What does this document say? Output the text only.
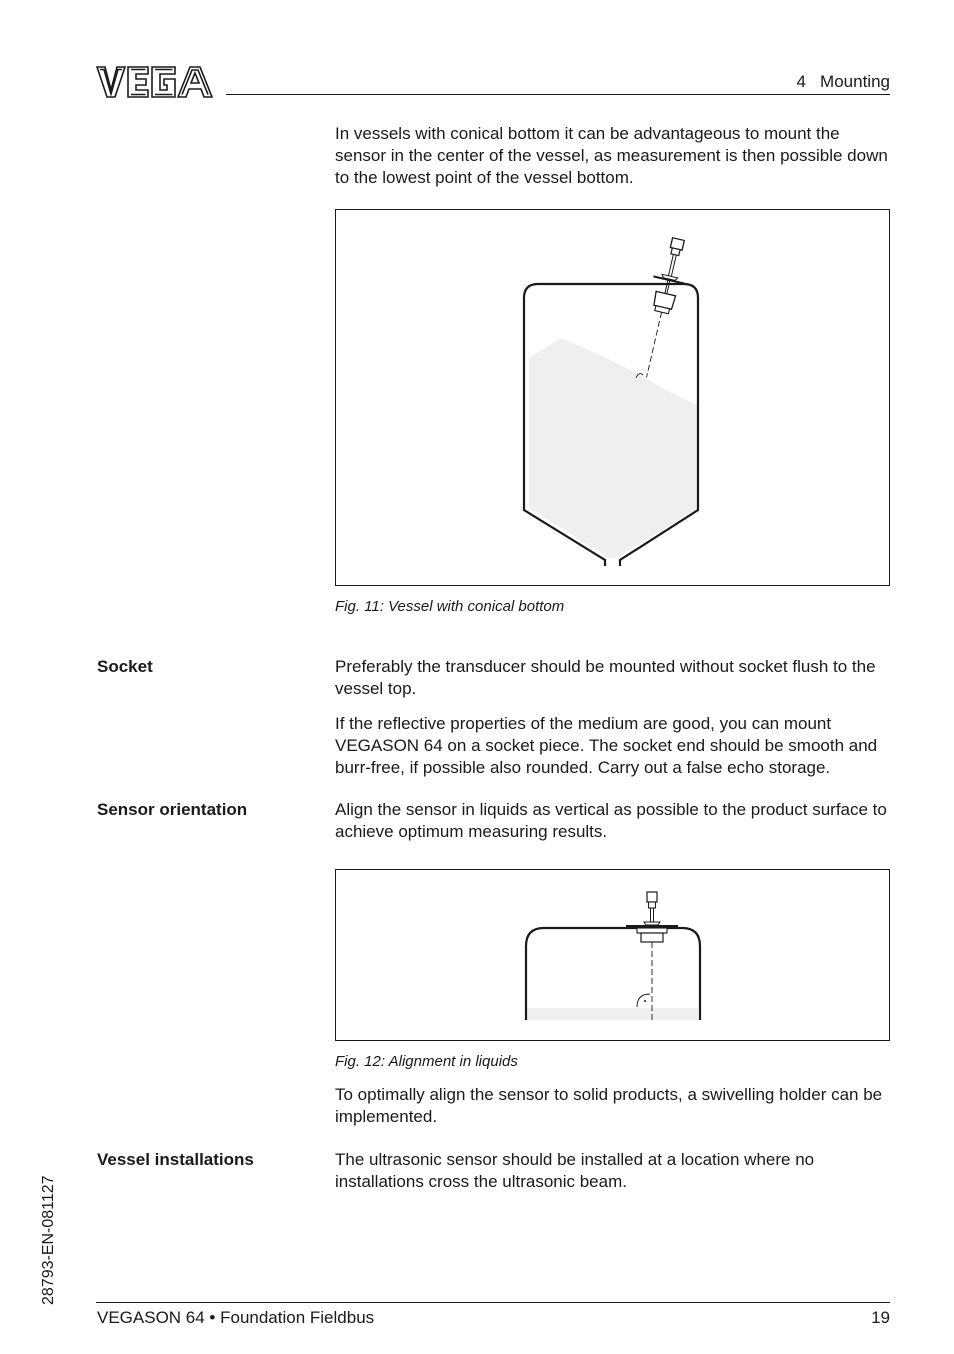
4   Mounting

In vessels with conical bottom it can be advantageous to mount the sensor in the center of the vessel, as measurement is then possible down to the lowest point of the vessel bottom.

Fig. 11: Vessel with conical bottom
Socket	Preferably the transducer should be mounted without socket flush to the vessel top.

If the reflective properties of the medium are good, you can mount VEGASON 64 on a socket piece. The socket end should be smooth and burr-free, if possible also rounded. Carry out a false echo storage.

Sensor orientation	Align the sensor in liquids as vertical as possible to the product surface to achieve optimum measuring results.

Fig. 12: Alignment in liquids

To optimally align the sensor to solid products, a swivelling holder can be implemented.

Vessel installations	The ultrasonic sensor should be installed at a location where no installations cross the ultrasonic beam.

28793-EN-081127
VEGASON 64 • Foundation Fieldbus	19
